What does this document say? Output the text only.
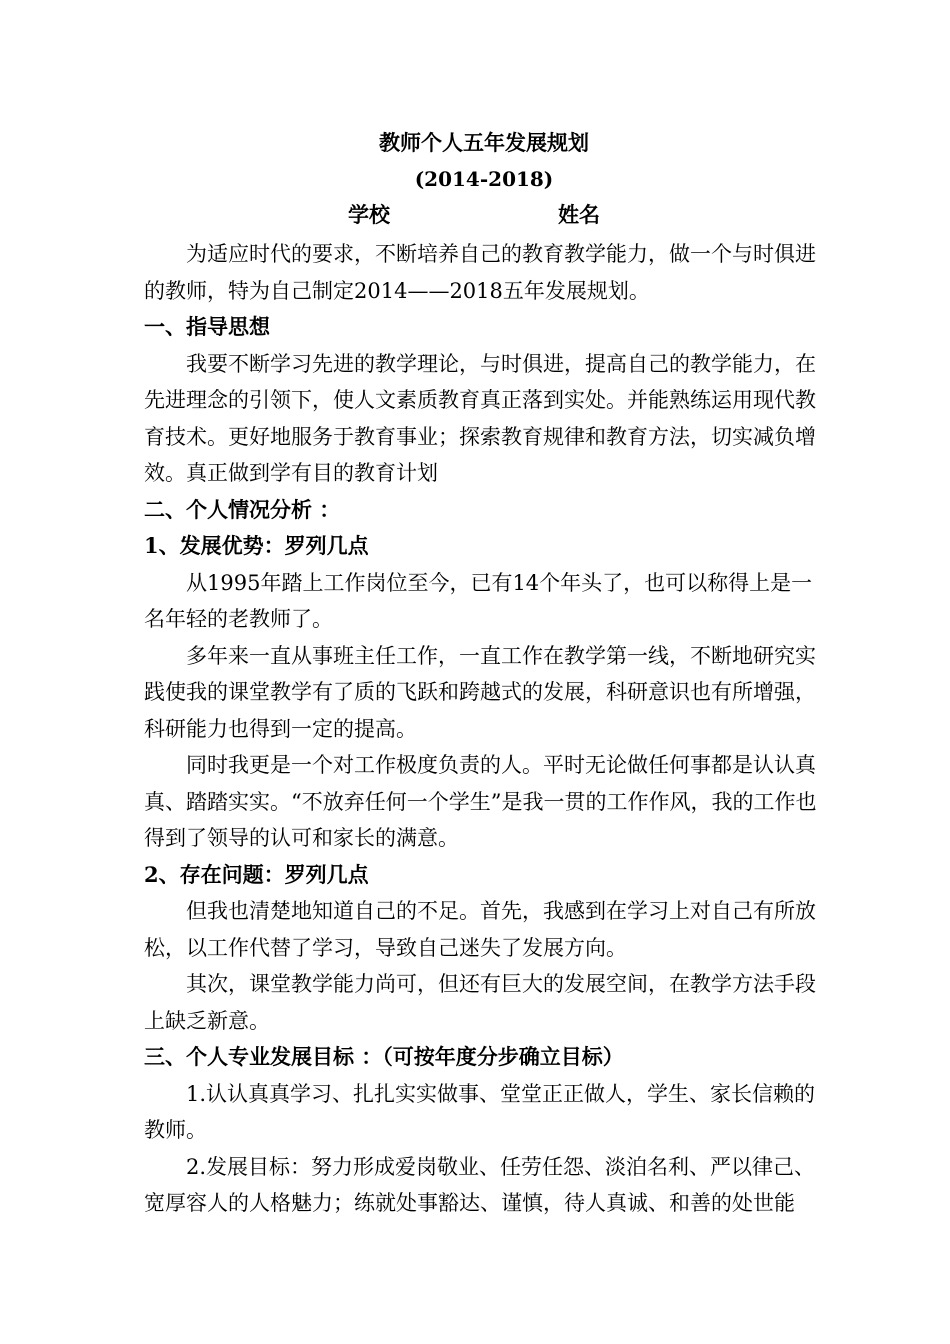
教师个人五年发展规划
(2014-2018)
学校	姓名

为适应时代的要求，不断培养自己的教育教学能力，做一个与时俱进的教师，特为自己制定2014——2018五年发展规划。

一、指导思想

我要不断学习先进的教学理论，与时俱进，提高自己的教学能力，在先进理念的引领下，使人文素质教育真正落到实处。并能熟练运用现代教育技术。更好地服务于教育事业；探索教育规律和教育方法，切实减负增效。真正做到学有目的教育计划

二、个人情况分析 ：
1、发展优势：罗列几点

从1995年踏上工作岗位至今，已有14个年头了，也可以称得上是一名年轻的老教师了。

多年来一直从事班主任工作，一直工作在教学第一线，不断地研究实践使我的课堂教学有了质的飞跃和跨越式的发展，科研意识也有所增强，科研能力也得到一定的提高。

同时我更是一个对工作极度负责的人。平时无论做任何事都是认认真真、踏踏实实。“不放弃任何一个学生”是我一贯的工作作风，我的工作也得到了领导的认可和家长的满意。

2、存在问题：罗列几点

但我也清楚地知道自己的不足。首先，我感到在学习上对自己有所放松，以工作代替了学习，导致自己迷失了发展方向。

其次，课堂教学能力尚可，但还有巨大的发展空间，在教学方法手段上缺乏新意。

三、个人专业发展目标 ：（可按年度分步确立目标）

1.认认真真学习、扎扎实实做事、堂堂正正做人，学生、家长信赖的教师。

2.发展目标：努力形成爱岗敬业、任劳任怨、淡泊名利、严以律己、宽厚容人的人格魅力；练就处事豁达、谨慎，待人真诚、和善的处世能
